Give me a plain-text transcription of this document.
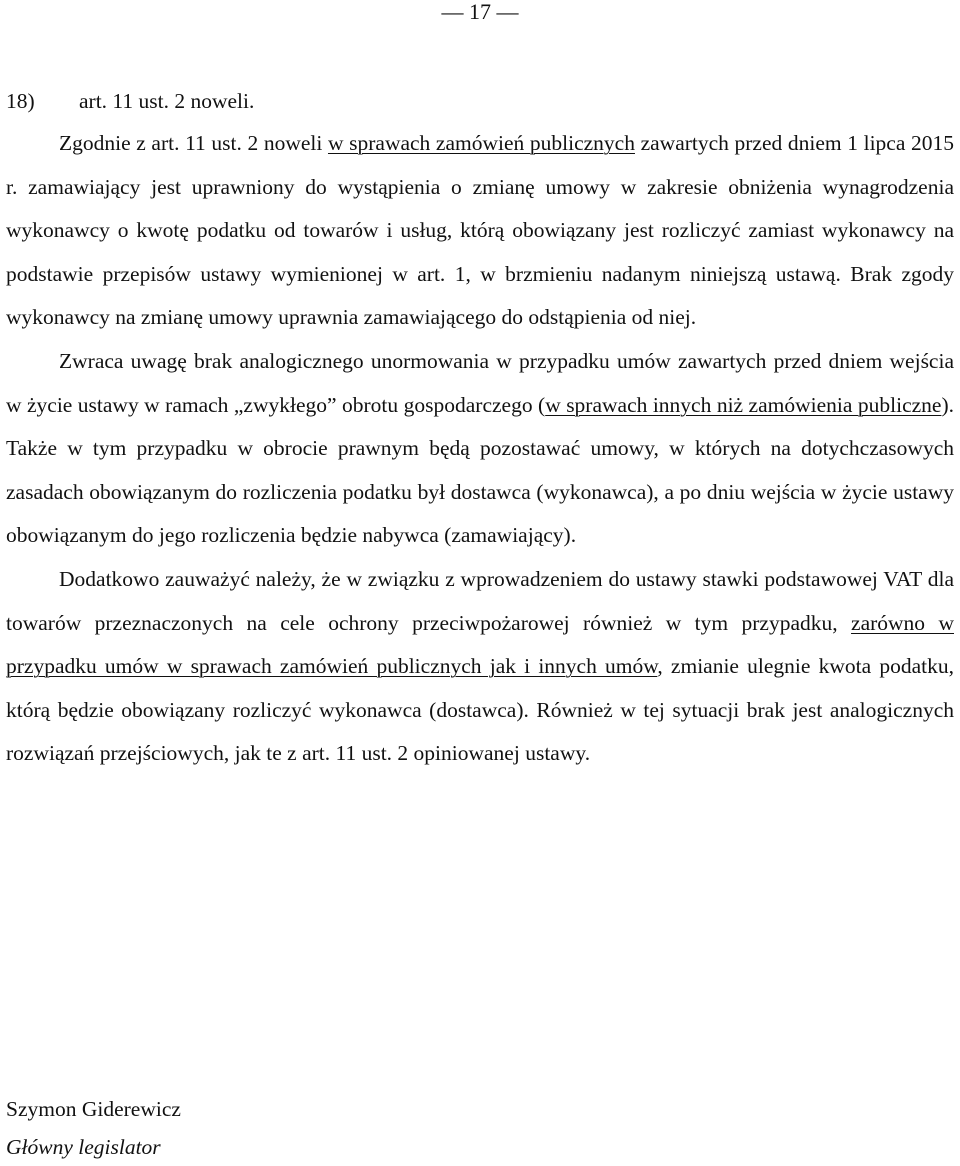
— 17 —
18) art. 11 ust. 2 noweli.

Zgodnie z art. 11 ust. 2 noweli w sprawach zamówień publicznych zawartych przed dniem 1 lipca 2015 r. zamawiający jest uprawniony do wystąpienia o zmianę umowy w zakresie obniżenia wynagrodzenia wykonawcy o kwotę podatku od towarów i usług, którą obowiązany jest rozliczyć zamiast wykonawcy na podstawie przepisów ustawy wymienionej w art. 1, w brzmieniu nadanym niniejszą ustawą. Brak zgody wykonawcy na zmianę umowy uprawnia zamawiającego do odstąpienia od niej.

Zwraca uwagę brak analogicznego unormowania w przypadku umów zawartych przed dniem wejścia w życie ustawy w ramach „zwykłego” obrotu gospodarczego (w sprawach innych niż zamówienia publiczne). Także w tym przypadku w obrocie prawnym będą pozostawać umowy, w których na dotychczasowych zasadach obowiązanym do rozliczenia podatku był dostawca (wykonawca), a po dniu wejścia w życie ustawy obowiązanym do jego rozliczenia będzie nabywca (zamawiający).

Dodatkowo zauważyć należy, że w związku z wprowadzeniem do ustawy stawki podstawowej VAT dla towarów przeznaczonych na cele ochrony przeciwpożarowej również w tym przypadku, zarówno w przypadku umów w sprawach zamówień publicznych jak i innych umów, zmianie ulegnie kwota podatku, którą będzie obowiązany rozliczyć wykonawca (dostawca). Również w tej sytuacji brak jest analogicznych rozwiązań przejściowych, jak te z art. 11 ust. 2 opiniowanej ustawy.

Szymon Giderewicz
Główny legislator
